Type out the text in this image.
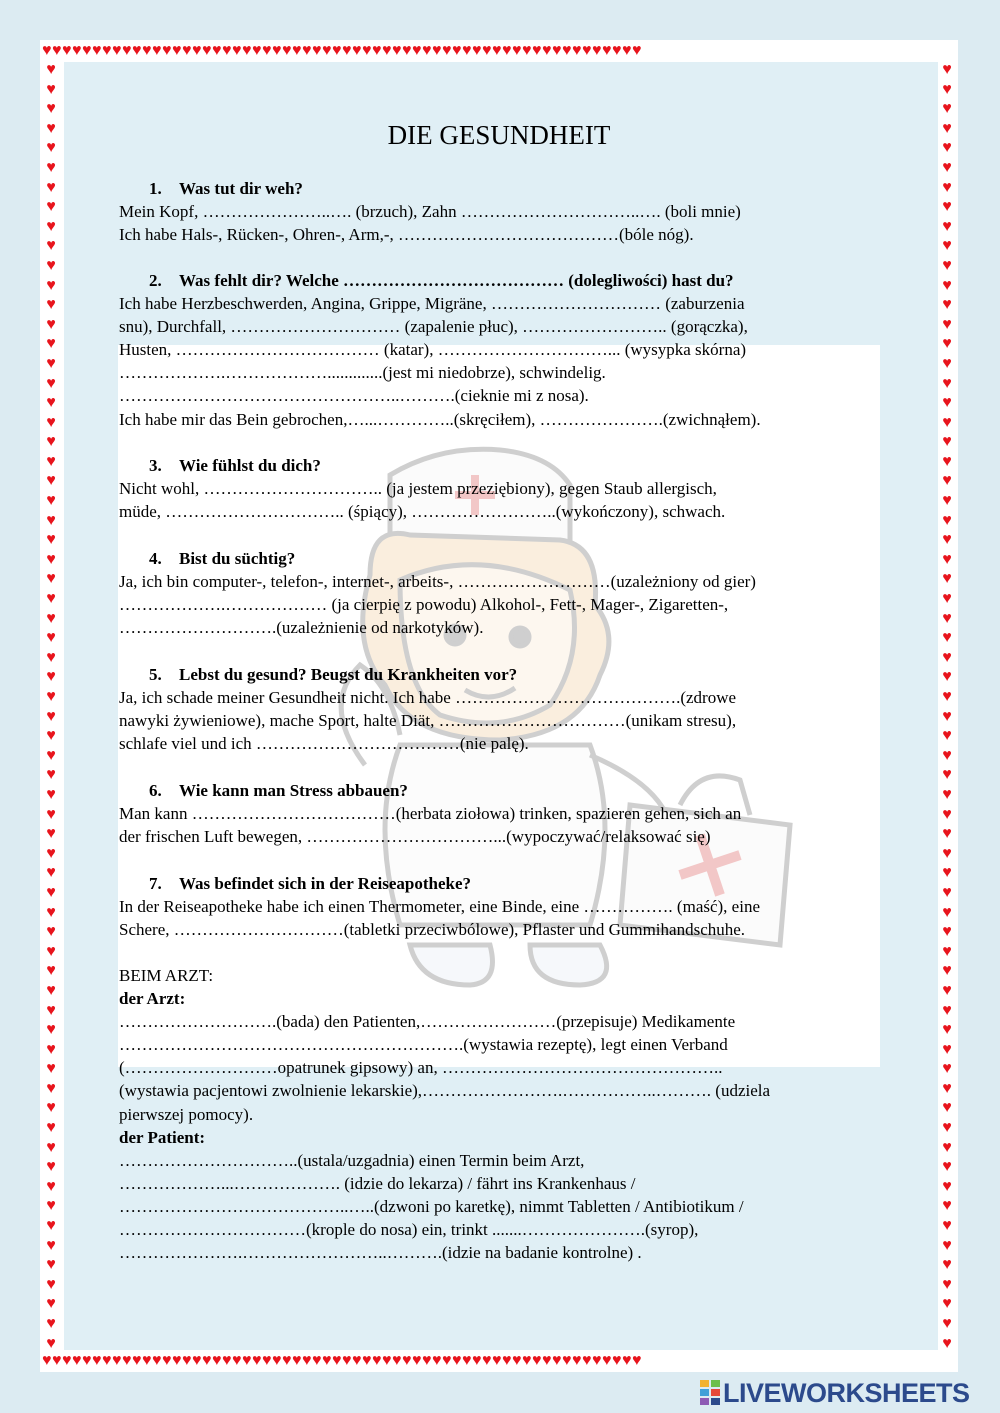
♥♥♥♥♥♥♥♥♥♥♥♥♥♥♥♥♥♥♥♥♥♥♥♥♥♥♥♥♥♥♥♥♥♥♥♥♥♥♥♥♥♥♥♥♥♥♥♥♥♥♥♥♥♥♥♥♥♥♥♥
♥♥♥♥♥♥♥♥♥♥♥♥♥♥♥♥♥♥♥♥♥♥♥♥♥♥♥♥♥♥♥♥♥♥♥♥♥♥♥♥♥♥♥♥♥♥♥♥♥♥♥♥♥♥♥♥♥♥♥♥
♥♥♥♥♥♥♥♥♥♥♥♥♥♥♥♥♥♥♥♥♥♥♥♥♥♥♥♥♥♥♥♥♥♥♥♥♥♥♥♥♥♥♥♥♥♥♥♥♥♥♥♥♥♥♥♥♥♥♥♥♥♥♥♥♥♥
♥♥♥♥♥♥♥♥♥♥♥♥♥♥♥♥♥♥♥♥♥♥♥♥♥♥♥♥♥♥♥♥♥♥♥♥♥♥♥♥♥♥♥♥♥♥♥♥♥♥♥♥♥♥♥♥♥♥♥♥♥♥♥♥♥♥
DIE GESUNDHEIT
1. Was tut dir weh?
Mein Kopf, …………………..…. (brzuch), Zahn …………………………..…. (boli mnie)
Ich habe Hals-, Rücken-, Ohren-, Arm,-, …………………………………(bóle nóg).
2. Was fehlt dir? Welche ………………………………… (dolegliwości) hast du?
Ich habe Herzbeschwerden, Angina, Grippe, Migräne, ………………………… (zaburzenia
snu), Durchfall, ………………………… (zapalenie płuc), …………………….. (gorączka),
Husten, ……………………………… (katar), …………………………... (wysypka skórna)
……………….……………….............(jest mi niedobrze), schwindelig.
…………………………………………..……….(cieknie mi z nosa).
Ich habe mir das Bein gebrochen,…...…………..(skręciłem), ………………….(zwichnąłem).
3. Wie fühlst du dich?
Nicht wohl, ………………………….. (ja jestem przeziębiony), gegen Staub allergisch,
müde, ………………………….. (śpiący), ……………………..(wykończony), schwach.
4. Bist du süchtig?
Ja, ich bin computer-, telefon-, internet-, arbeits-, ………………………(uzależniony od gier)
……………….……………… (ja cierpię z powodu) Alkohol-, Fett-, Mager-, Zigaretten-,
……………………….(uzależnienie od narkotyków).
5. Lebst du gesund? Beugst du Krankheiten vor?
Ja, ich schade meiner Gesundheit nicht. Ich habe ………………………………….(zdrowe
nawyki żywieniowe), mache Sport, halte Diät, ……………………………(unikam stresu),
schlafe viel und ich ………………………………(nie palę).
6. Wie kann man Stress abbauen?
Man kann ………………………………(herbata ziołowa) trinken, spazieren gehen, sich an
der frischen Luft bewegen, ……………………………...(wypoczywać/relaksować się)
7. Was befindet sich in der Reiseapotheke?
In der Reiseapotheke habe ich einen Thermometer, eine Binde, eine ……………. (maść), eine
Schere, …………………………(tabletki przeciwbólowe), Pflaster und Gummihandschuhe.
BEIM ARZT:
der Arzt:
……………………….(bada) den Patienten,……………………(przepisuje) Medikamente
…………………………………………………….(wystawia rezeptę), legt einen Verband
(………………………opatrunek gipsowy) an, …………………………………………..
(wystawia pacjentowi zwolnienie lekarskie),…………………….……………..………. (udziela
pierwszej pomocy).
der Patient:
…………………………..(ustala/uzgadnia) einen Termin beim Arzt,
………………...………………. (idzie do lekarza) / fährt ins Krankenhaus /
…………………………………..…..(dzwoni po karetkę), nimmt Tabletten / Antibiotikum /
……………………………(krople do nosa) ein, trinkt .......………………….(syrop),
………………….……………………..……….(idzie na badanie kontrolne) .
LIVEWORKSHEETS
